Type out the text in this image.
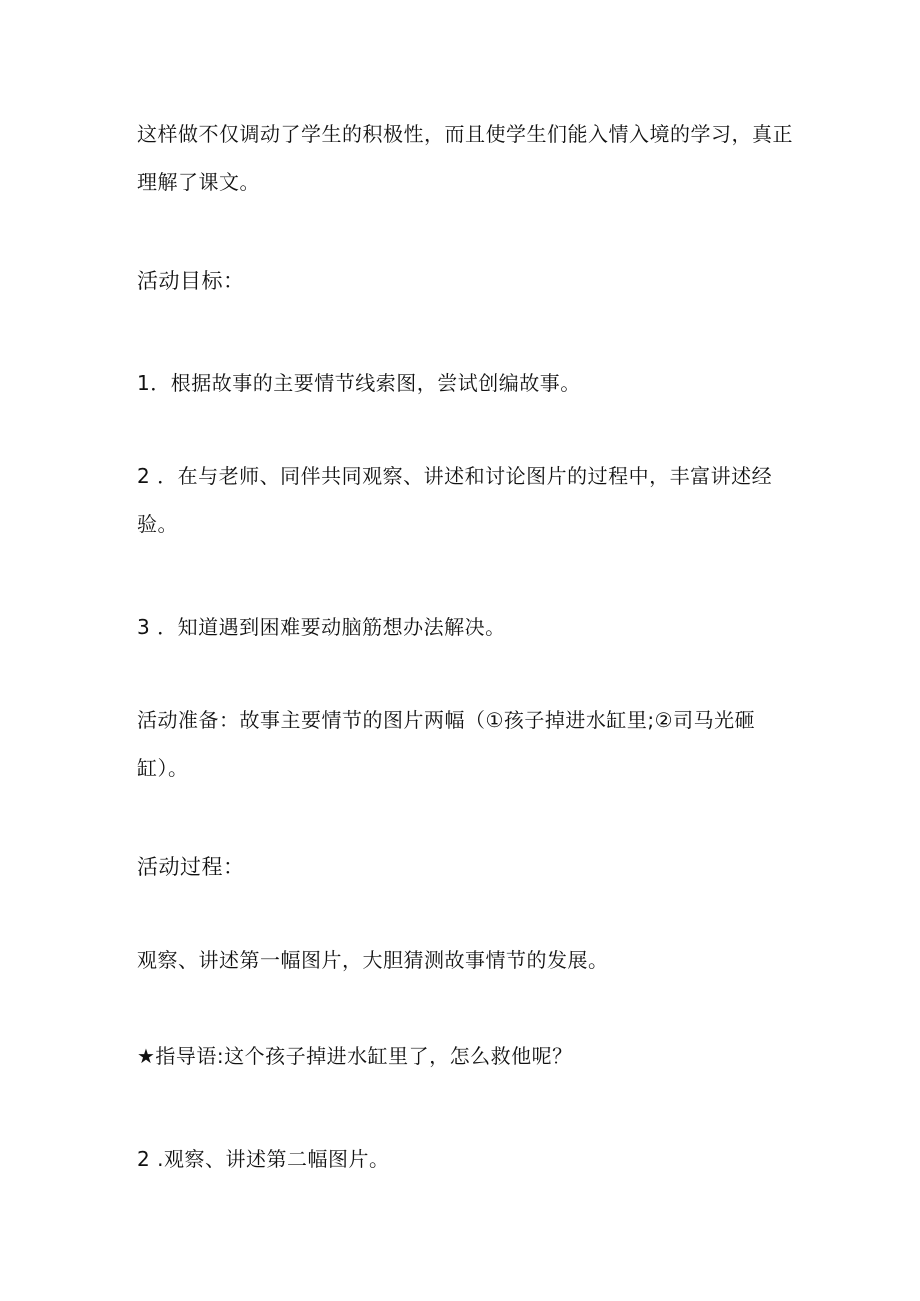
这样做不仅调动了学生的积极性，而且使学生们能入情入境的学习，真正
理解了课文。
活动目标：
1．根据故事的主要情节线索图，尝试创编故事。
2 ．在与老师、同伴共同观察、讲述和讨论图片的过程中，丰富讲述经
验。
3 ．知道遇到困难要动脑筋想办法解决。
活动准备：故事主要情节的图片两幅（①孩子掉进水缸里;②司马光砸
缸）。
活动过程：
观察、讲述第一幅图片，大胆猜测故事情节的发展。
★指导语:这个孩子掉进水缸里了，怎么救他呢？
2 .观察、讲述第二幅图片。
